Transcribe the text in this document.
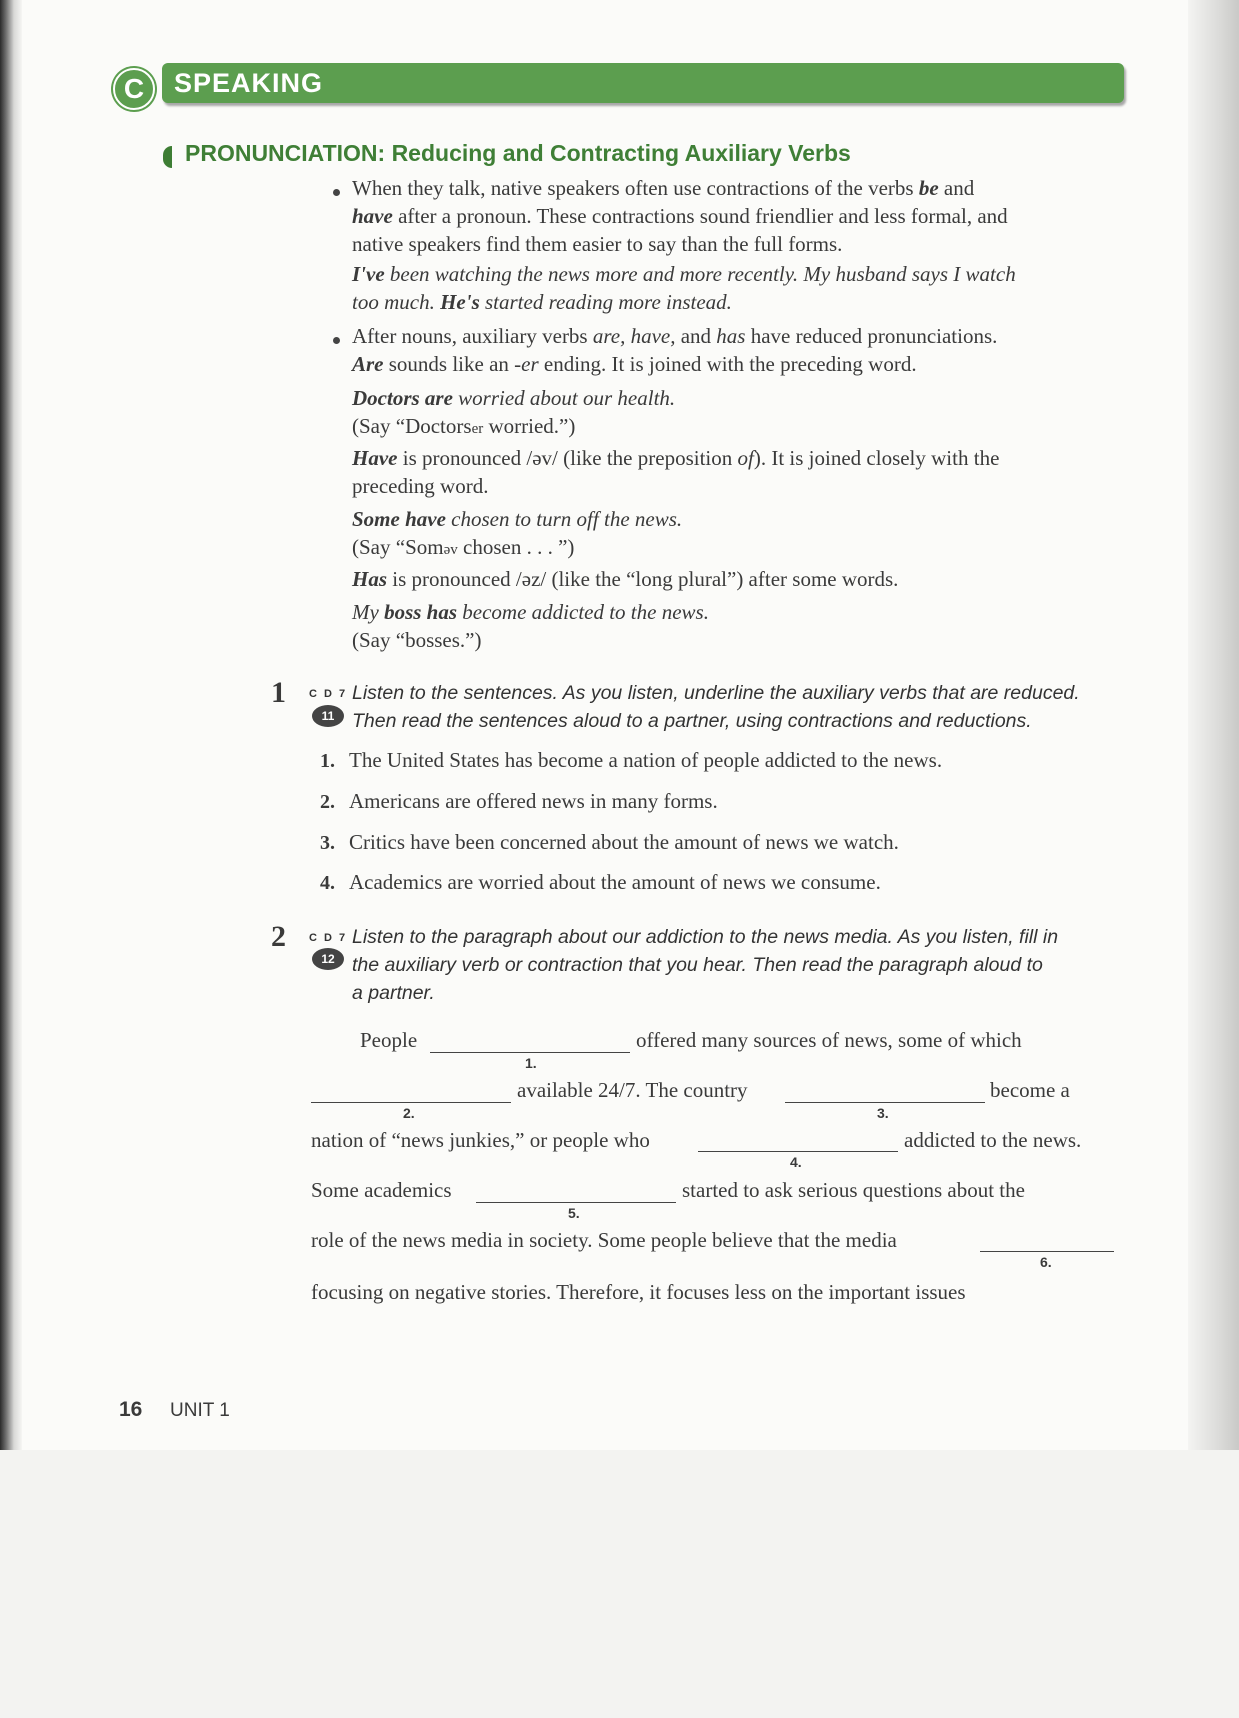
C	SPEAKING
PRONUNCIATION: Reducing and Contracting Auxiliary Verbs
When they talk, native speakers often use contractions of the verbs be and
have after a pronoun. These contractions sound friendlier and less formal, and
native speakers find them easier to say than the full forms.
I've been watching the news more and more recently. My husband says I watch
too much. He's started reading more instead.
After nouns, auxiliary verbs are, have, and has have reduced pronunciations.
Are sounds like an -er ending. It is joined with the preceding word.
Doctors are worried about our health.
(Say “Doctorser worried.”)
Have is pronounced /əv/ (like the preposition of). It is joined closely with the
preceding word.
Some have chosen to turn off the news.
(Say “Soməv chosen . . . ”)
Has is pronounced /əz/ (like the “long plural”) after some words.
My boss has become addicted to the news.
(Say “bosses.”)
1 C D 7
11
Listen to the sentences. As you listen, underline the auxiliary verbs that are reduced.
Then read the sentences aloud to a partner, using contractions and reductions.
1. The United States has become a nation of people addicted to the news.
2. Americans are offered news in many forms.
3. Critics have been concerned about the amount of news we watch.
4. Academics are worried about the amount of news we consume.
2 C D 7
12
Listen to the paragraph about our addiction to the news media. As you listen, fill in
the auxiliary verb or contraction that you hear. Then read the paragraph aloud to
a partner.
People
1.
offered many sources of news, some of which
2.
available 24/7. The country
3.
become a
nation of “news junkies,” or people who
4.
addicted to the news.
Some academics
5.
started to ask serious questions about the
role of the news media in society. Some people believe that the media
6.
focusing on negative stories. Therefore, it focuses less on the important issues
16 UNIT 1
